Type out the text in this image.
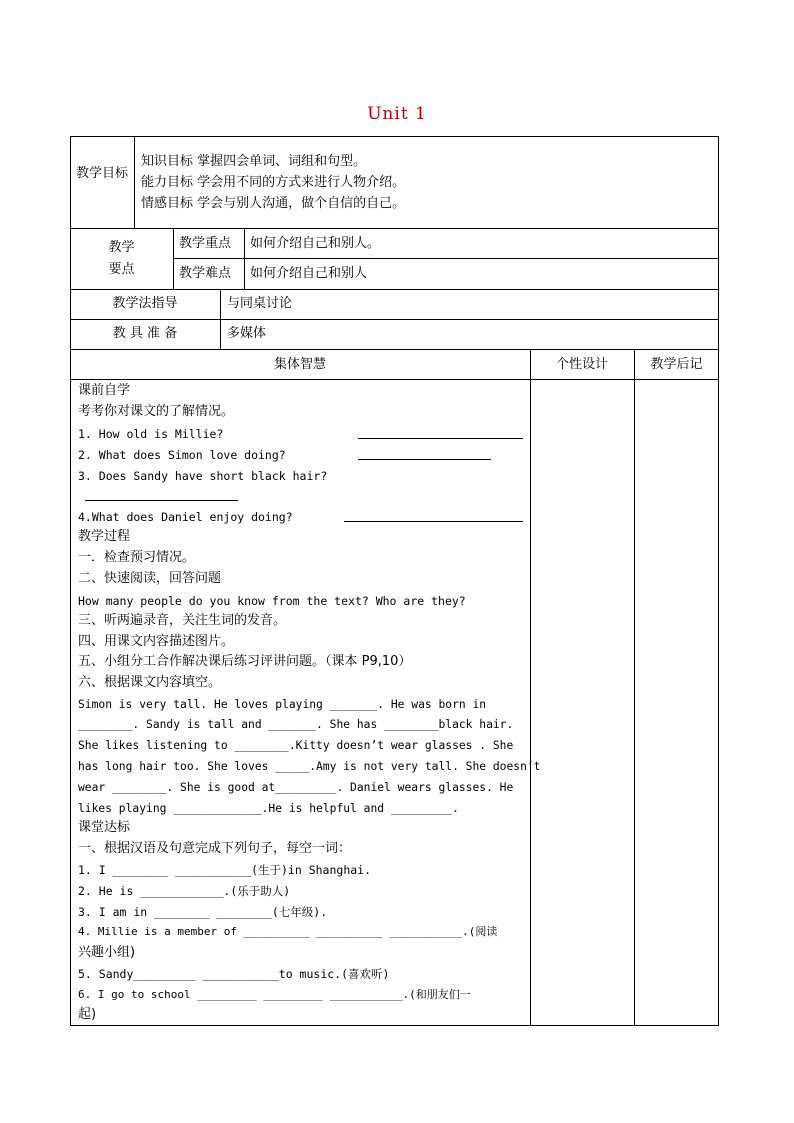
Unit 1
教学目标
知识目标 掌握四会单词、词组和句型。
能力目标 学会用不同的方式来进行人物介绍。
情感目标 学会与别人沟通，做个自信的自己。
教学
要点
教学重点 如何介绍自己和别人。
教学难点 如何介绍自己和别人
教学法指导	与同桌讨论
教 具 准 备	多媒体
集体智慧	个性设计	教学后记
课前自学
考考你对课文的了解情况。
1. How old is Millie?
2. What does Simon love doing?
3. Does Sandy have short black hair?
4.What does Daniel enjoy doing?
教学过程
一．检查预习情况。
二、快速阅读，回答问题
How many people do you know from the text? Who are they?
三、听两遍录音，关注生词的发音。
四、用课文内容描述图片。
五、小组分工合作解决课后练习评讲问题。（课本 P9,10）
六、根据课文内容填空。
Simon is very tall. He loves playing _______. He was born in
________. Sandy is tall and _______. She has ________black hair.
She likes listening to ________.Kitty doesn’t wear glasses . She
has long hair too. She loves _____.Amy is not very tall. She doesn’t
wear ________. She is good at_________. Daniel wears glasses. He
likes playing _____________.He is helpful and _________.
课堂达标
一、根据汉语及句意完成下列句子，每空一词：
1. I ________ ___________(生于)in Shanghai.
2. He is ____________.(乐于助人)
3. I am in ________ ________(七年级).
4. Millie is a member of __________ __________ ___________.(阅读
兴趣小组)
5. Sandy_________ ___________to music.(喜欢听)
6. I go to school _________ _________ ___________.(和朋友们一
起)
